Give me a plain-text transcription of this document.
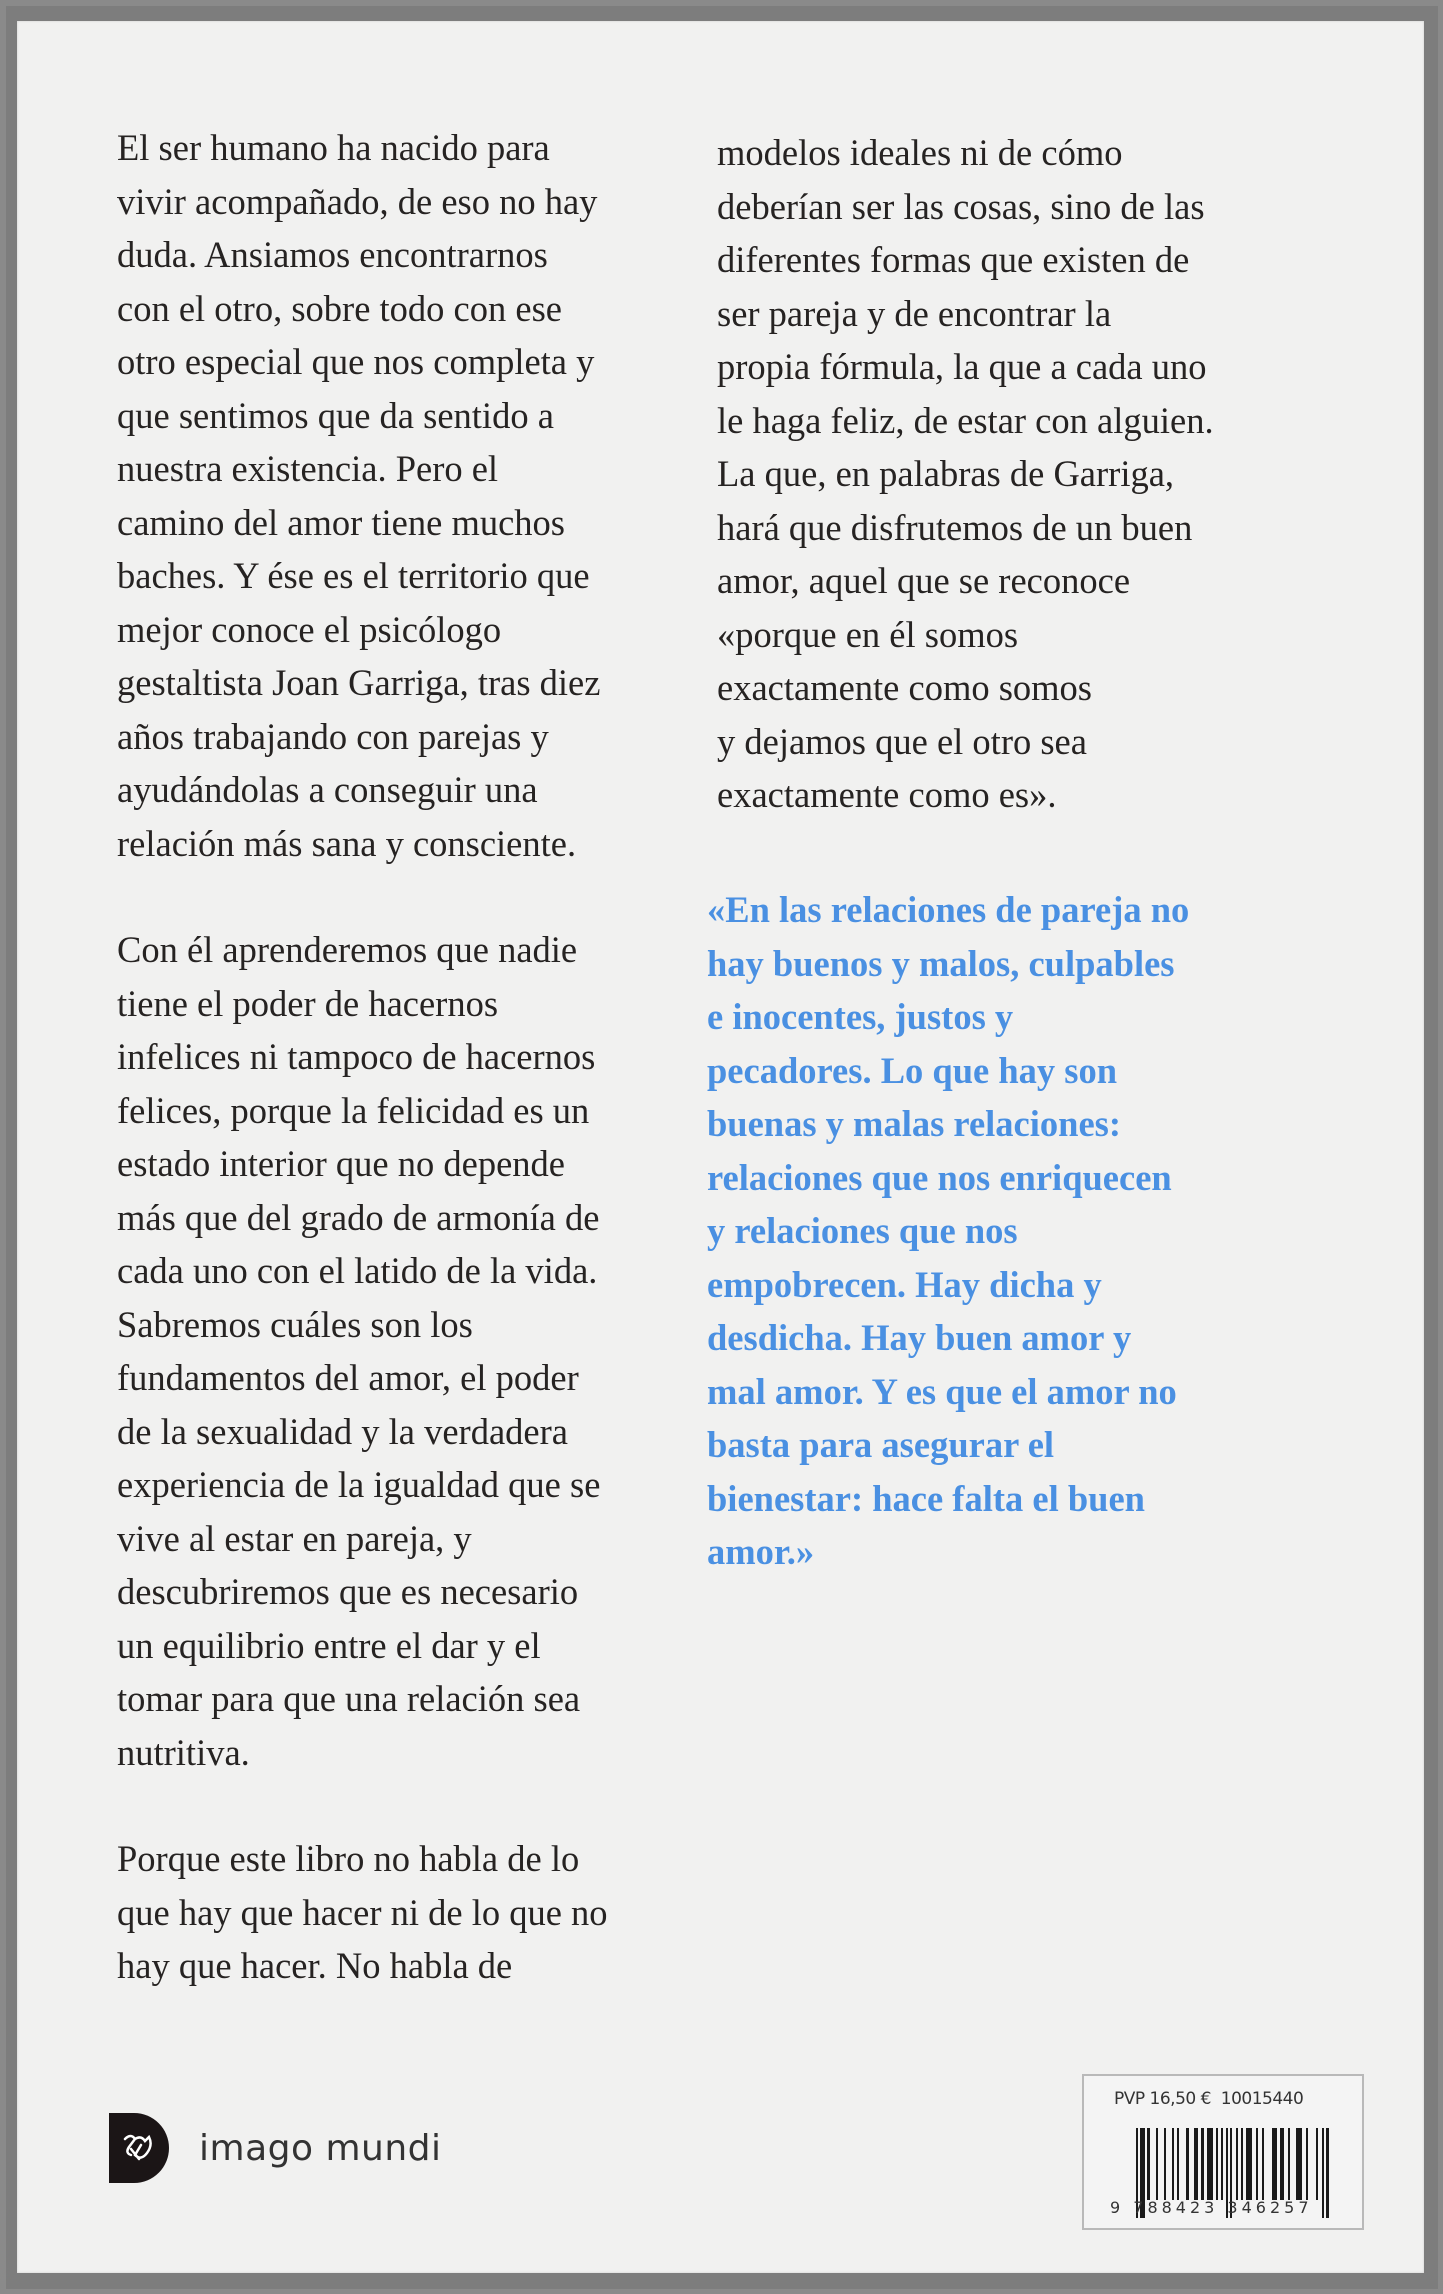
El ser humano ha nacido para

vivir acompañado, de eso no hay

duda. Ansiamos encontrarnos

con el otro, sobre todo con ese

otro especial que nos completa y

que sentimos que da sentido a

nuestra existencia. Pero el

camino del amor tiene muchos

baches. Y ése es el territorio que

mejor conoce el psicólogo

gestaltista Joan Garriga, tras diez

años trabajando con parejas y

ayudándolas a conseguir una

relación más sana y consciente.

Con él aprenderemos que nadie

tiene el poder de hacernos

infelices ni tampoco de hacernos

felices, porque la felicidad es un

estado interior que no depende

más que del grado de armonía de

cada uno con el latido de la vida.

Sabremos cuáles son los

fundamentos del amor, el poder

de la sexualidad y la verdadera

experiencia de la igualdad que se

vive al estar en pareja, y

descubriremos que es necesario

un equilibrio entre el dar y el

tomar para que una relación sea

nutritiva.

Porque este libro no habla de lo

que hay que hacer ni de lo que no

hay que hacer. No habla de

modelos ideales ni de cómo

deberían ser las cosas, sino de las

diferentes formas que existen de

ser pareja y de encontrar la

propia fórmula, la que a cada uno

le haga feliz, de estar con alguien.

La que, en palabras de Garriga,

hará que disfrutemos de un buen

amor, aquel que se reconoce

«porque en él somos

exactamente como somos

y dejamos que el otro sea

exactamente como es».

«En las relaciones de pareja no

hay buenos y malos, culpables

e inocentes, justos y

pecadores. Lo que hay son

buenas y malas relaciones:

relaciones que nos enriquecen

y relaciones que nos

empobrecen. Hay dicha y

desdicha. Hay buen amor y

mal amor. Y es que el amor no

basta para asegurar el

bienestar: hace falta el buen

amor.»

imago mundi
PVP 16,50 € 10015440
9 788423 346257
